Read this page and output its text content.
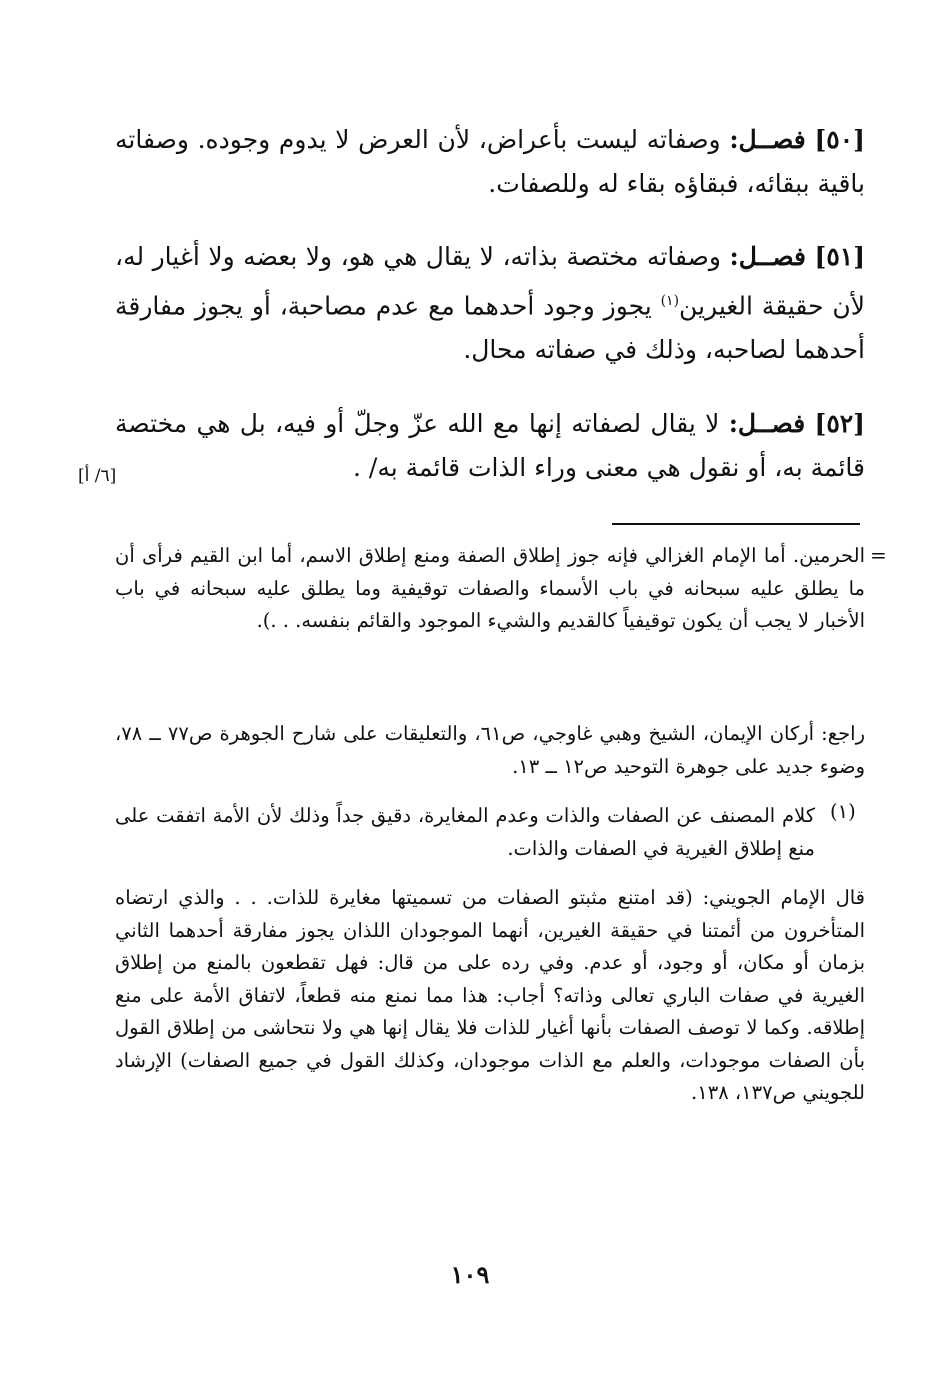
[٥٠] فصــل: وصفاته ليست بأعراض، لأن العرض لا يدوم وجوده. وصفاته باقية ببقائه، فبقاؤه بقاء له وللصفات.

[٥١] فصــل: وصفاته مختصة بذاته، لا يقال هي هو، ولا بعضه ولا أغيار له، لأن حقيقة الغيرين$^{(١)}$ يجوز وجود أحدهما مع عدم مصاحبة، أو يجوز مفارقة أحدهما لصاحبه، وذلك في صفاته محال.

[٥٢] فصــل: لا يقال لصفاته إنها مع الله عزّ وجلّ أو فيه، بل هي مختصة قائمة به، أو نقول هي معنى وراء الذات قائمة به/ .

[٦/ أ]
=

الحرمين. أما الإمام الغزالي فإنه جوز إطلاق الصفة ومنع إطلاق الاسم، أما ابن القيم فرأى أن ما يطلق عليه سبحانه في باب الأسماء والصفات توقيفية وما يطلق عليه سبحانه في باب الأخبار لا يجب أن يكون توقيفياً كالقديم والشيء الموجود والقائم بنفسه. . .).

راجع: أركان الإيمان، الشيخ وهبي غاوجي، ص٦١، والتعليقات على شارح الجوهرة ص٧٧ ــ ٧٨، وضوء جديد على جوهرة التوحيد ص١٢ ــ ١٣.

(١)

كلام المصنف عن الصفات والذات وعدم المغايرة، دقيق جداً وذلك لأن الأمة اتفقت على منع إطلاق الغيرية في الصفات والذات.

قال الإمام الجويني: (قد امتنع مثبتو الصفات من تسميتها مغايرة للذات. . . والذي ارتضاه المتأخرون من أئمتنا في حقيقة الغيرين، أنهما الموجودان اللذان يجوز مفارقة أحدهما الثاني بزمان أو مكان، أو وجود، أو عدم. وفي رده على من قال: فهل تقطعون بالمنع من إطلاق الغيرية في صفات الباري تعالى وذاته؟ أجاب: هذا مما نمنع منه قطعاً، لاتفاق الأمة على منع إطلاقه. وكما لا توصف الصفات بأنها أغيار للذات فلا يقال إنها هي ولا نتحاشى من إطلاق القول بأن الصفات موجودات، والعلم مع الذات موجودان، وكذلك القول في جميع الصفات) الإرشاد للجويني ص١٣٧، ١٣٨.

١٠٩
